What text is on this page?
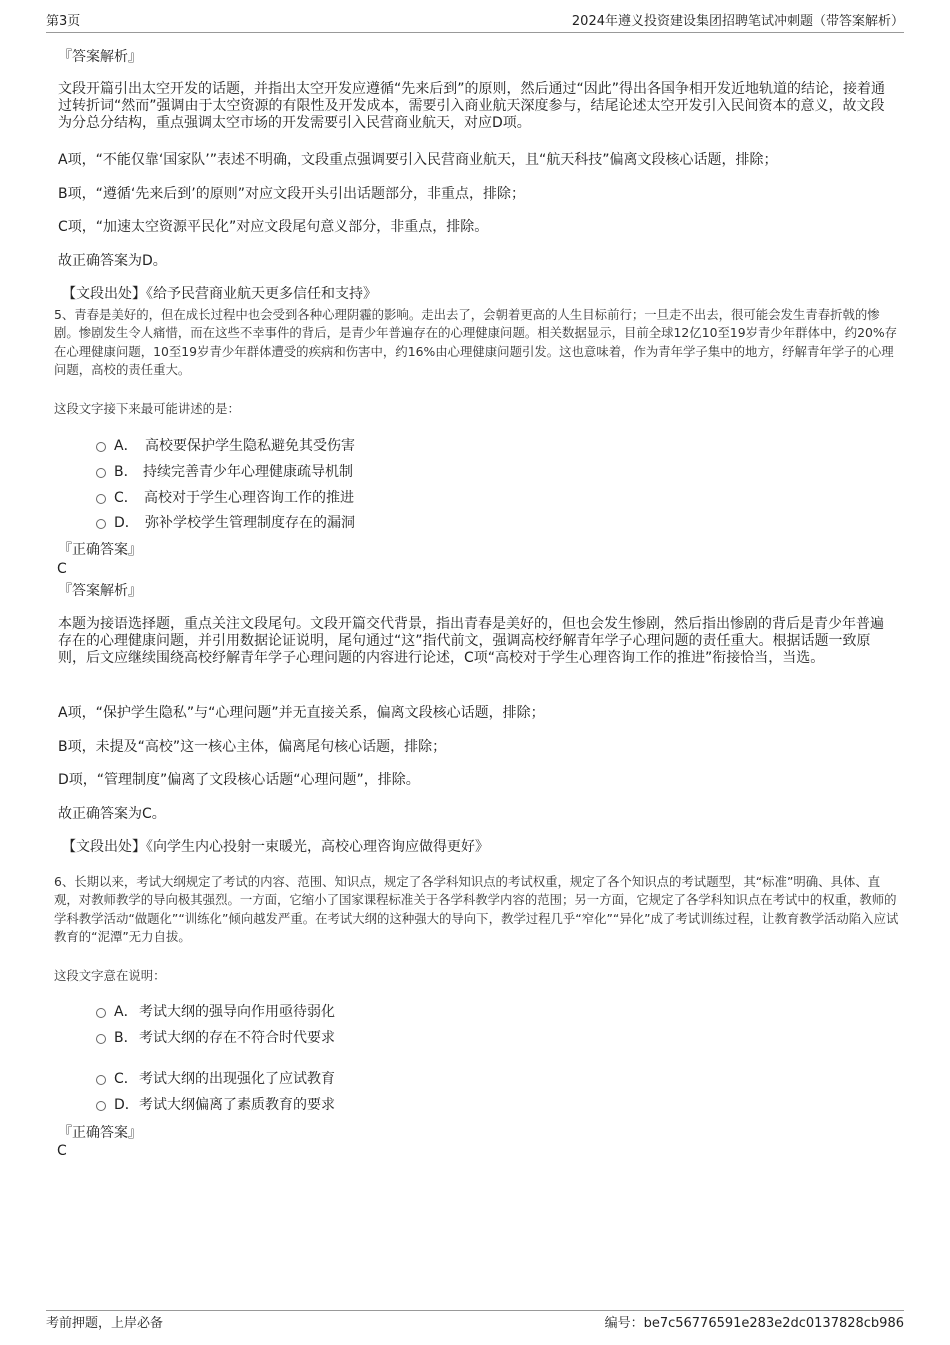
第3页	2024年遵义投资建设集团招聘笔试冲刺题（带答案解析）
『答案解析』
文段开篇引出太空开发的话题，并指出太空开发应遵循“先来后到”的原则，然后通过“因此”得出各国争相开发近地轨道的结论，接着通过转折词“然而”强调由于太空资源的有限性及开发成本，需要引入商业航天深度参与，结尾论述太空开发引入民间资本的意义，故文段为分总分结构，重点强调太空市场的开发需要引入民营商业航天，对应D项。
A项，“不能仅靠‘国家队’”表述不明确，文段重点强调要引入民营商业航天，且“航天科技”偏离文段核心话题，排除；
B项，“遵循‘先来后到’的原则”对应文段开头引出话题部分，非重点，排除；
C项，“加速太空资源平民化”对应文段尾句意义部分，非重点，排除。
故正确答案为D。
【文段出处】《给予民营商业航天更多信任和支持》
5、青春是美好的，但在成长过程中也会受到各种心理阴霾的影响。走出去了，会朝着更高的人生目标前行；一旦走不出去，很可能会发生青春折戟的惨剧。惨剧发生令人痛惜，而在这些不幸事件的背后，是青少年普遍存在的心理健康问题。相关数据显示，目前全球12亿10至19岁青少年群体中，约20%存在心理健康问题，10至19岁青少年群体遭受的疾病和伤害中，约16%由心理健康问题引发。这也意味着，作为青年学子集中的地方，纾解青年学子的心理问题，高校的责任重大。
这段文字接下来最可能讲述的是：
A． 高校要保护学生隐私避免其受伤害
B． 持续完善青少年心理健康疏导机制
C． 高校对于学生心理咨询工作的推进
D． 弥补学校学生管理制度存在的漏洞
『正确答案』
C
『答案解析』
本题为接语选择题，重点关注文段尾句。文段开篇交代背景，指出青春是美好的，但也会发生惨剧，然后指出惨剧的背后是青少年普遍存在的心理健康问题，并引用数据论证说明，尾句通过“这”指代前文，强调高校纾解青年学子心理问题的责任重大。根据话题一致原则，后文应继续围绕高校纾解青年学子心理问题的内容进行论述，C项“高校对于学生心理咨询工作的推进”衔接恰当，当选。
A项，“保护学生隐私”与“心理问题”并无直接关系，偏离文段核心话题，排除；
B项，未提及“高校”这一核心主体，偏离尾句核心话题，排除；
D项，“管理制度”偏离了文段核心话题“心理问题”，排除。
故正确答案为C。
【文段出处】《向学生内心投射一束暖光，高校心理咨询应做得更好》
6、长期以来，考试大纲规定了考试的内容、范围、知识点，规定了各学科知识点的考试权重，规定了各个知识点的考试题型，其“标准”明确、具体、直观，对教师教学的导向极其强烈。一方面，它缩小了国家课程标准关于各学科教学内容的范围；另一方面，它规定了各学科知识点在考试中的权重，教师的学科教学活动“做题化”“训练化”倾向越发严重。在考试大纲的这种强大的导向下，教学过程几乎“窄化”“异化”成了考试训练过程，让教育教学活动陷入应试教育的“泥潭”无力自拔。
这段文字意在说明：
A． 考试大纲的强导向作用亟待弱化
B． 考试大纲的存在不符合时代要求
C． 考试大纲的出现强化了应试教育
D． 考试大纲偏离了素质教育的要求
『正确答案』
C
考前押题，上岸必备	编号：be7c56776591e283e2dc0137828cb986
